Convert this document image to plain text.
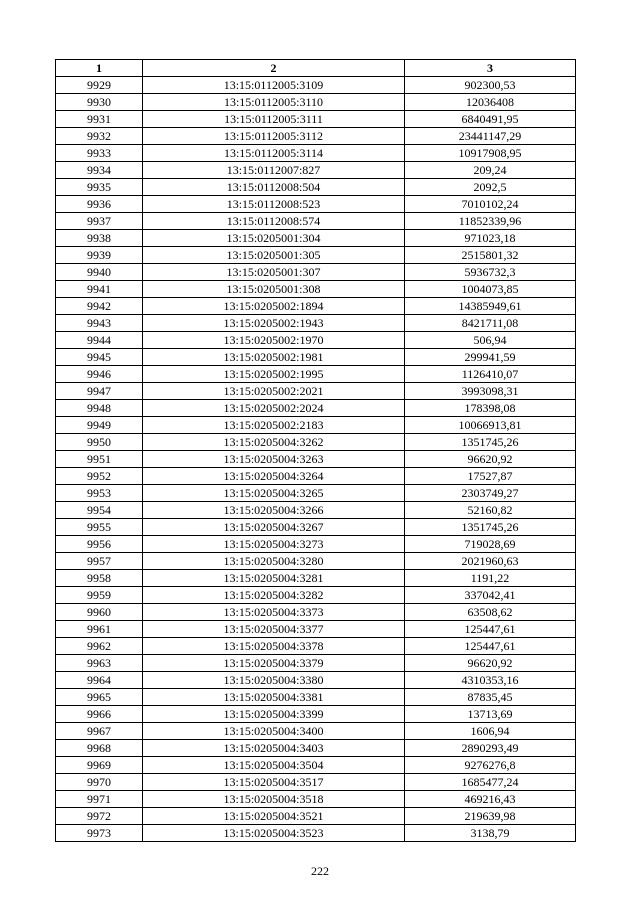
1	2	3
9929	13:15:0112005:3109	902300,53
9930	13:15:0112005:3110	12036408
9931	13:15:0112005:3111	6840491,95
9932	13:15:0112005:3112	23441147,29
9933	13:15:0112005:3114	10917908,95
9934	13:15:0112007:827	209,24
9935	13:15:0112008:504	2092,5
9936	13:15:0112008:523	7010102,24
9937	13:15:0112008:574	11852339,96
9938	13:15:0205001:304	971023,18
9939	13:15:0205001:305	2515801,32
9940	13:15:0205001:307	5936732,3
9941	13:15:0205001:308	1004073,85
9942	13:15:0205002:1894	14385949,61
9943	13:15:0205002:1943	8421711,08
9944	13:15:0205002:1970	506,94
9945	13:15:0205002:1981	299941,59
9946	13:15:0205002:1995	1126410,07
9947	13:15:0205002:2021	3993098,31
9948	13:15:0205002:2024	178398,08
9949	13:15:0205002:2183	10066913,81
9950	13:15:0205004:3262	1351745,26
9951	13:15:0205004:3263	96620,92
9952	13:15:0205004:3264	17527,87
9953	13:15:0205004:3265	2303749,27
9954	13:15:0205004:3266	52160,82
9955	13:15:0205004:3267	1351745,26
9956	13:15:0205004:3273	719028,69
9957	13:15:0205004:3280	2021960,63
9958	13:15:0205004:3281	1191,22
9959	13:15:0205004:3282	337042,41
9960	13:15:0205004:3373	63508,62
9961	13:15:0205004:3377	125447,61
9962	13:15:0205004:3378	125447,61
9963	13:15:0205004:3379	96620,92
9964	13:15:0205004:3380	4310353,16
9965	13:15:0205004:3381	87835,45
9966	13:15:0205004:3399	13713,69
9967	13:15:0205004:3400	1606,94
9968	13:15:0205004:3403	2890293,49
9969	13:15:0205004:3504	9276276,8
9970	13:15:0205004:3517	1685477,24
9971	13:15:0205004:3518	469216,43
9972	13:15:0205004:3521	219639,98
9973	13:15:0205004:3523	3138,79
222
